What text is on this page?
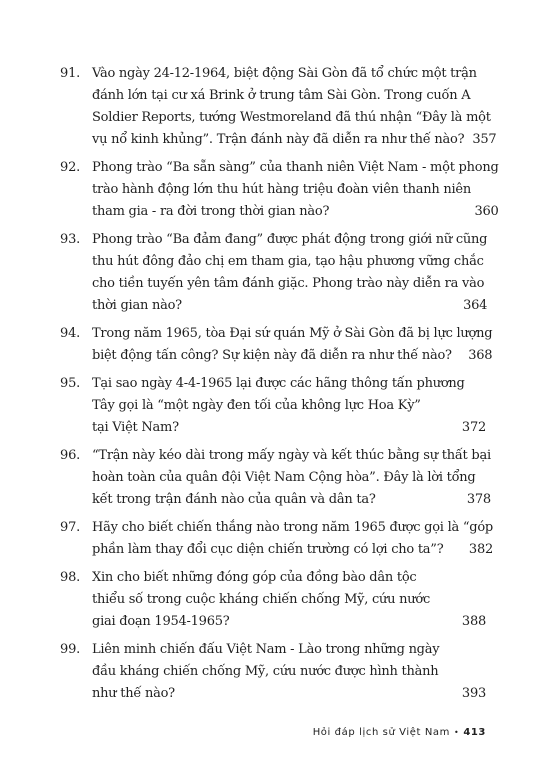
91. Vào ngày 24-12-1964, biệt động Sài Gòn đã tổ chức một trận
đánh lớn tại cư xá Brink ở trung tâm Sài Gòn. Trong cuốn A
Soldier Reports, tướng Westmoreland đã thú nhận “Đây là một
vụ nổ kinh khủng”. Trận đánh này đã diễn ra như thế nào? 357
92. Phong trào “Ba sẵn sàng” của thanh niên Việt Nam - một phong
trào hành động lớn thu hút hàng triệu đoàn viên thanh niên
tham gia - ra đời trong thời gian nào?	360
93. Phong trào “Ba đảm đang” được phát động trong giới nữ cũng
thu hút đông đảo chị em tham gia, tạo hậu phương vững chắc
cho tiền tuyến yên tâm đánh giặc. Phong trào này diễn ra vào
thời gian nào?	364
94. Trong năm 1965, tòa Đại sứ quán Mỹ ở Sài Gòn đã bị lực lượng
biệt động tấn công? Sự kiện này đã diễn ra như thế nào?	368
95. Tại sao ngày 4-4-1965 lại được các hãng thông tấn phương
Tây gọi là “một ngày đen tối của không lực Hoa Kỳ”
tại Việt Nam?	372
96. “Trận này kéo dài trong mấy ngày và kết thúc bằng sự thất bại
hoàn toàn của quân đội Việt Nam Cộng hòa”. Đây là lời tổng
kết trong trận đánh nào của quân và dân ta?	378
97. Hãy cho biết chiến thắng nào trong năm 1965 được gọi là “góp
phần làm thay đổi cục diện chiến trường có lợi cho ta”?	382
98. Xin cho biết những đóng góp của đồng bào dân tộc
thiểu số trong cuộc kháng chiến chống Mỹ, cứu nước
giai đoạn 1954-1965?	388
99. Liên minh chiến đấu Việt Nam - Lào trong những ngày
đầu kháng chiến chống Mỹ, cứu nước được hình thành
như thế nào?	393
Hỏi đáp lịch sử Việt Nam • 413
